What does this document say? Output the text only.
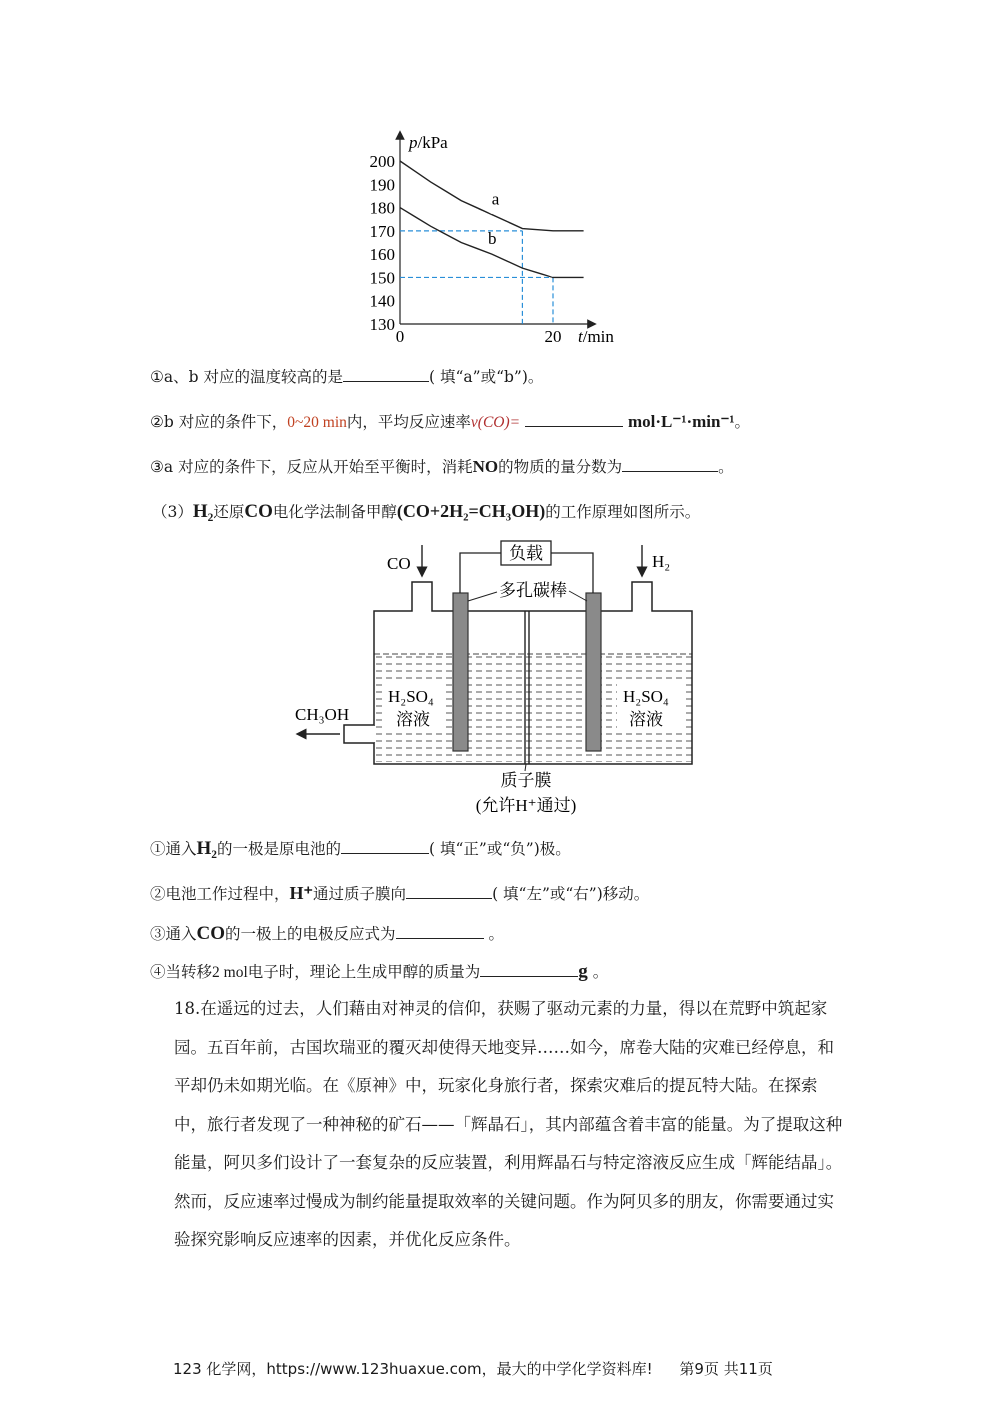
p/kPa
t/min
130
140
150
160
170
180
190
200
0	20
a
b
①a、b 对应的温度较高的是	( 填“a”或“b”)。
②b 对应的条件下，0~20 min内，平均反应速率v(CO)=	mol·L⁻¹·min⁻¹。
③a 对应的条件下，反应从开始至平衡时，消耗NO的物质的量分数为	。
（3）H₂还原CO电化学法制备甲醇(CO+2H₂=CH₃OH)的工作原理如图所示。
CH₃OH
负载
多孔碳棒
CO	H₂
H₂SO₄
溶液
H₂SO₄
溶液
质子膜
(允许H⁺通过)
①通入H₂的一极是原电池的	( 填“正”或“负”)极。
②电池工作过程中，H⁺通过质子膜向	( 填“左”或“右”)移动。
③通入CO的一极上的电极反应式为	。
④当转移2 mol电子时，理论上生成甲醇的质量为	g 。
18.在遥远的过去，人们藉由对神灵的信仰，获赐了驱动元素的力量，得以在荒野中筑起家园。五百年前，古国坎瑞亚的覆灭却使得天地变异……如今，席卷大陆的灾难已经停息，和平却仍未如期光临。在《原神》中，玩家化身旅行者，探索灾难后的提瓦特大陆。在探索中，旅行者发现了一种神秘的矿石——「辉晶石」，其内部蕴含着丰富的能量。为了提取这种能量，阿贝多们设计了一套复杂的反应装置，利用辉晶石与特定溶液反应生成「辉能结晶」。然而，反应速率过慢成为制约能量提取效率的关键问题。作为阿贝多的朋友，你需要通过实验探究影响反应速率的因素，并优化反应条件。
123 化学网，https://www.123huaxue.com，最大的中学化学资料库! 第9页 共11页
